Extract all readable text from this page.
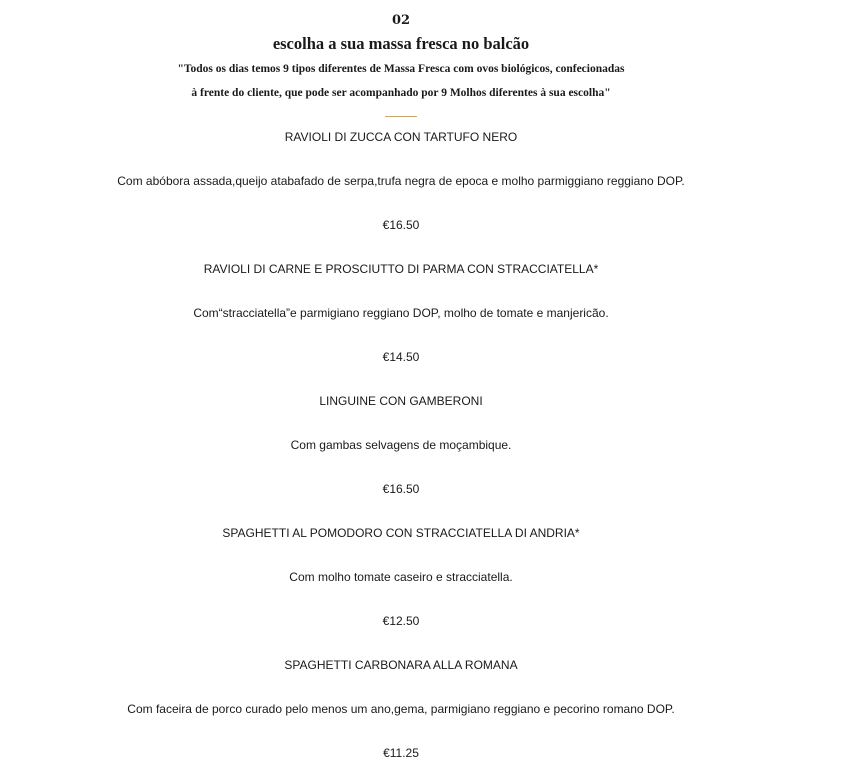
02
escolha a sua massa fresca no balcão
"Todos os dias temos 9 tipos diferentes de Massa Fresca com ovos biológicos, confecionadas
à frente do cliente, que pode ser acompanhado por 9 Molhos diferentes à sua escolha"
RAVIOLI DI ZUCCA CON TARTUFO NERO
Com abóbora assada,queijo atabafado de serpa,trufa negra de epoca e molho parmiggiano reggiano DOP.
€16.50
RAVIOLI DI CARNE E PROSCIUTTO DI PARMA CON STRACCIATELLA*
Com“stracciatella”e parmigiano reggiano DOP, molho de tomate e manjericão.
€14.50
LINGUINE CON GAMBERONI
Com gambas selvagens de moçambique.
€16.50
SPAGHETTI AL POMODORO CON STRACCIATELLA DI ANDRIA*
Com molho tomate caseiro e stracciatella.
€12.50
SPAGHETTI CARBONARA ALLA ROMANA
Com faceira de porco curado pelo menos um ano,gema, parmigiano reggiano e pecorino romano DOP.
€11.25
